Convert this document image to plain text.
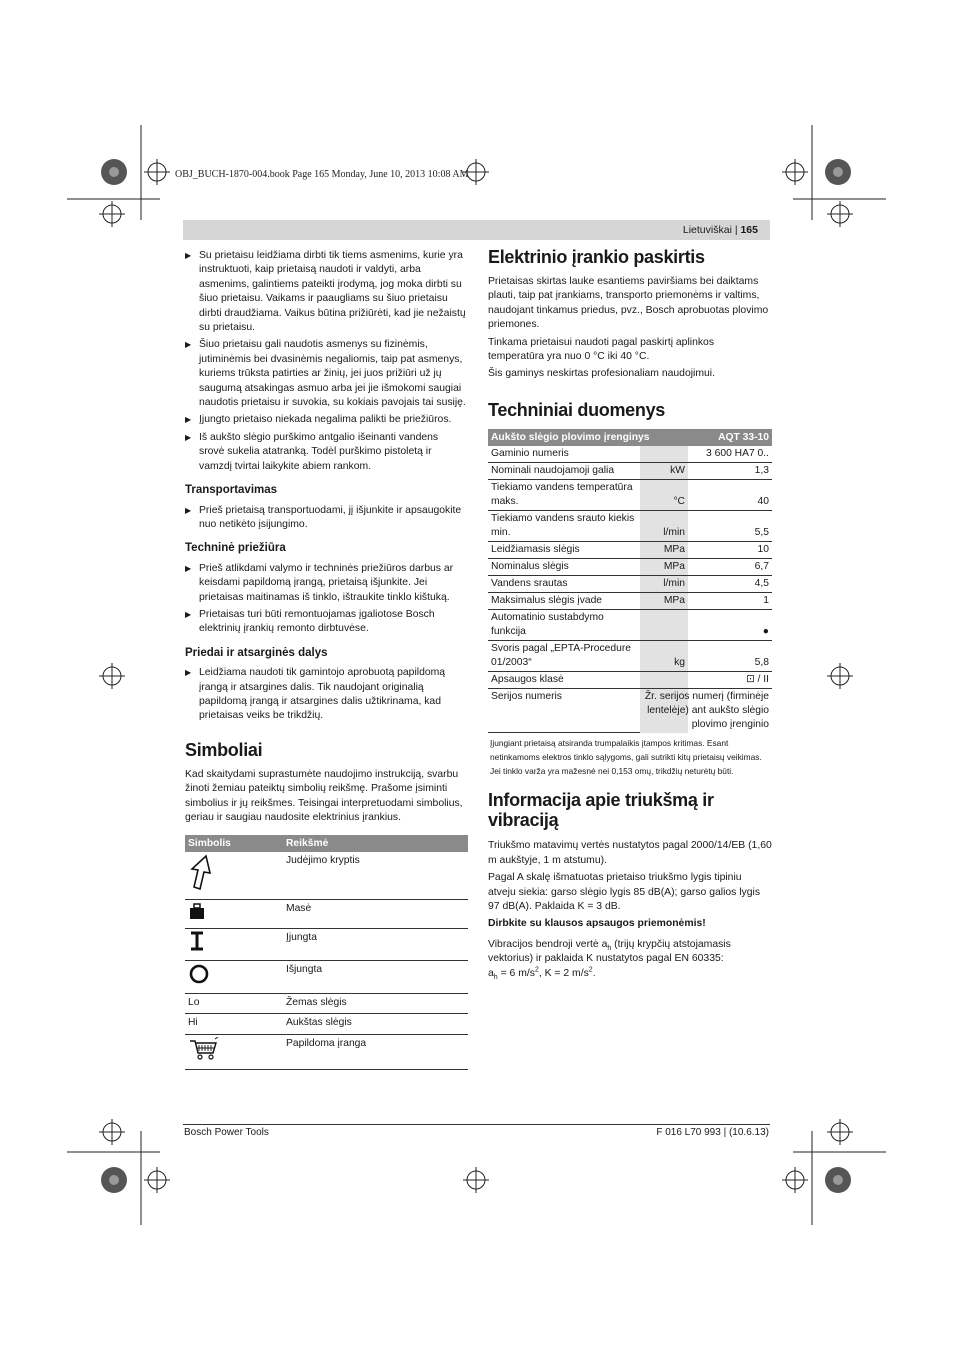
OBJ_BUCH-1870-004.book Page 165 Monday, June 10, 2013 10:08 AM
Lietuviškai | 165
▶ Su prietaisu leidžiama dirbti tik tiems asmenims, kurie yra instruktuoti, kaip prietaisą naudoti ir valdyti, arba asmenims, galintiems pateikti įrodymą, jog moka dirbti su šiuo prietaisu. Vaikams ir paaugliams su šiuo prietaisu dirbti draudžiama. Vaikus būtina prižiūrėti, kad jie nežaistų su prietaisu.
▶ Šiuo prietaisu gali naudotis asmenys su fizinėmis, jutiminėmis bei dvasinėmis negaliomis, taip pat asmenys, kuriems trūksta patirties ar žinių, jei juos prižiūri už jų saugumą atsakingas asmuo arba jei jie išmokomi saugiai naudotis prietaisu ir suvokia, su kokiais pavojais tai susiję.
▶ Įjungto prietaiso niekada negalima palikti be priežiūros.
▶ Iš aukšto slėgio purškimo antgalio išeinanti vandens srovė sukelia atatranką. Todėl purškimo pistoletą ir vamzdį tvirtai laikykite abiem rankom.
Transportavimas
▶ Prieš prietaisą transportuodami, jį išjunkite ir apsaugokite nuo netikėto įsijungimo.
Techninė priežiūra
▶ Prieš atlikdami valymo ir techninės priežiūros darbus ar keisdami papildomą įrangą, prietaisą išjunkite. Jei prietaisas maitinamas iš tinklo, ištraukite tinklo kištuką.
▶ Prietaisas turi būti remontuojamas įgaliotose Bosch elektrinių įrankių remonto dirbtuvėse.
Priedai ir atsarginės dalys
▶ Leidžiama naudoti tik gamintojo aprobuotą papildomą įrangą ir atsargines dalis. Tik naudojant originalią papildomą įrangą ir atsargines dalis užtikrinama, kad prietaisas veiks be trikdžių.
Simboliai

Kad skaitydami suprastumėte naudojimo instrukciją, svarbu žinoti žemiau pateiktų simbolių reikšmę. Prašome įsiminti simbolius ir jų reikšmes. Teisingai interpretuodami simbolius, geriau ir saugiau naudosite elektrinius įrankius.

Simbolis	Reikšmė
	Judėjimo kryptis
	Masė
	Įjungta
	Išjungta
Lo	Žemas slėgis
Hi	Aukštas slėgis
	Papildoma įranga
Elektrinio įrankio paskirtis

Prietaisas skirtas lauke esantiems paviršiams bei daiktams plauti, taip pat įrankiams, transporto priemonėms ir valtims, naudojant tinkamus priedus, pvz., Bosch aprobuotas plovimo priemones.

Tinkama prietaisui naudoti pagal paskirtį aplinkos temperatūra yra nuo 0 °C iki 40 °C.

Šis gaminys neskirtas profesionaliam naudojimui.

Techniniai duomenys
Aukšto slėgio plovimo įrenginys		AQT 33-10
Gaminio numeris		3 600 HA7 0..
Nominali naudojamoji galia	kW	1,3
Tiekiamo vandens temperatūra maks.	°C	40
Tiekiamo vandens srauto kiekis min.	l/min	5,5
Leidžiamasis slėgis	MPa	10
Nominalus slėgis	MPa	6,7
Vandens srautas	l/min	4,5
Maksimalus slėgis įvade	MPa	1
Automatinio sustabdymo funkcija		●
Svoris pagal „EPTA-Procedure 01/2003“	kg	5,8
Apsaugos klasė		⊡ / II
Serijos numeris	Žr. serijos numerį (firminėje lentelėje) ant aukšto slėgio plovimo įrenginio	
Įjungiant prietaisą atsiranda trumpalaikis įtampos kritimas. Esant netinkamoms elektros tinklo sąlygoms, gali sutrikti kitų prietaisų veikimas. Jei tinklo varža yra mažesnė nei 0,153 omų, trikdžių neturėtų būti.
Informacija apie triukšmą ir vibraciją

Triukšmo matavimų vertės nustatytos pagal 2000/14/EB (1,60 m aukštyje, 1 m atstumu).

Pagal A skalę išmatuotas prietaiso triukšmo lygis tipiniu atveju siekia: garso slėgio lygis 85 dB(A); garso galios lygis 97 dB(A). Paklaida K = 3 dB.

Dirbkite su klausos apsaugos priemonėmis!

Vibracijos bendroji vertė $a_h$ (trijų krypčių atstojamasis vektorius) ir paklaida K nustatytos pagal EN 60335:
$a_h = 6$ $m/s^2$, K = 2 $m/s^2$.

Bosch Power Tools	F 016 L70 993 | (10.6.13)
